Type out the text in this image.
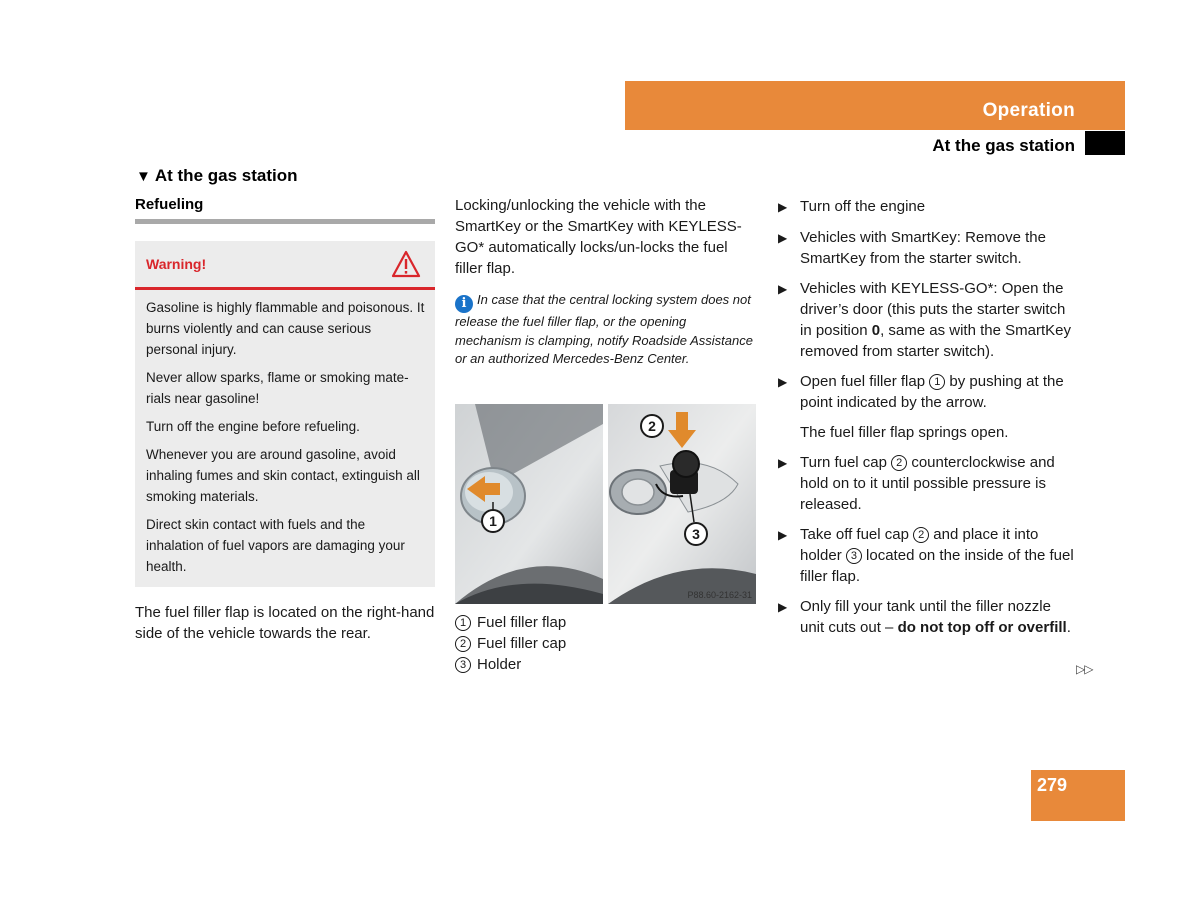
Operation
At the gas station
▼ At the gas station
Refueling
Warning!

Gasoline is highly flammable and poisonous. It burns violently and can cause serious personal injury.

Never allow sparks, flame or smoking mate-rials near gasoline!

Turn off the engine before refueling.

Whenever you are around gasoline, avoid inhaling fumes and skin contact, extinguish all smoking materials.

Direct skin contact with fuels and the inhalation of fuel vapors are damaging your health.

The fuel filler flap is located on the right-hand side of the vehicle towards the rear.

Locking/unlocking the vehicle with the SmartKey or the SmartKey with KEYLESS-GO* automatically locks/un-locks the fuel filler flap.

i In case that the central locking system does not release the fuel filler flap, or the opening mechanism is clamping, notify Roadside Assistance or an authorized Mercedes-Benz Center.

1
2
3
P88.60-2162-31
1 Fuel filler flap
2 Fuel filler cap
3 Holder
▶ Turn off the engine
▶ Vehicles with SmartKey: Remove the SmartKey from the starter switch.
▶ Vehicles with KEYLESS-GO*: Open the driver’s door (this puts the starter switch in position 0, same as with the SmartKey removed from starter switch).
▶ Open fuel filler flap 1 by pushing at the point indicated by the arrow.

The fuel filler flap springs open.

▶ Turn fuel cap 2 counterclockwise and hold on to it until possible pressure is released.
▶ Take off fuel cap 2 and place it into holder 3 located on the inside of the fuel filler flap.
▶ Only fill your tank until the filler nozzle unit cuts out – do not top off or overfill.
▷▷
279
